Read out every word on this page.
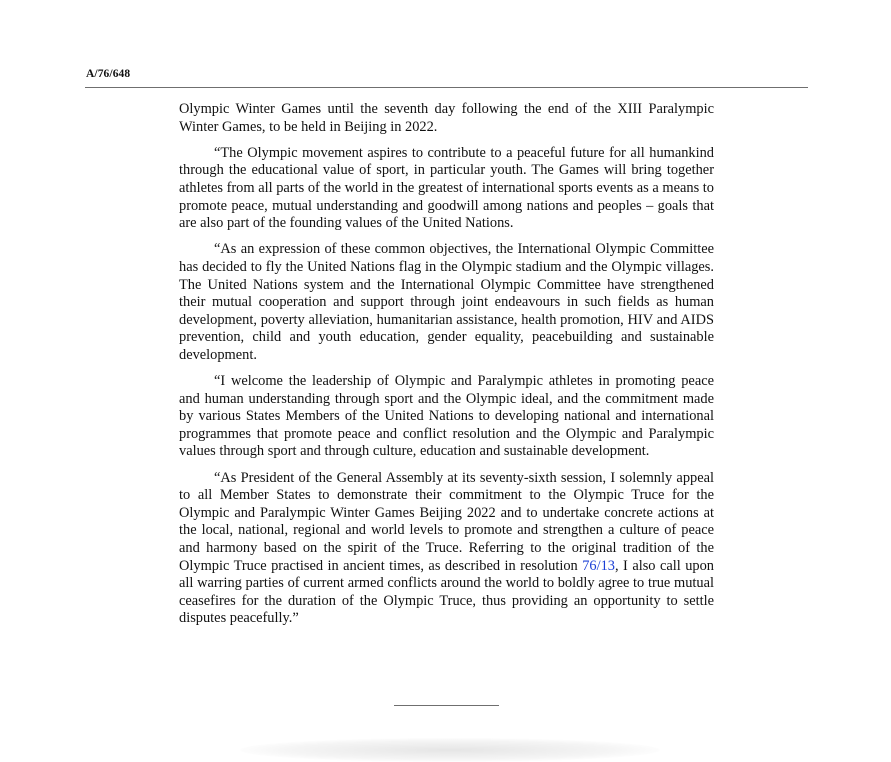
A/76/648

Olympic Winter Games until the seventh day following the end of the XIII Paralympic Winter Games, to be held in Beijing in 2022.

“The Olympic movement aspires to contribute to a peaceful future for all humankind through the educational value of sport, in particular youth. The Games will bring together athletes from all parts of the world in the greatest of international sports events as a means to promote peace, mutual understanding and goodwill among nations and peoples – goals that are also part of the founding values of the United Nations.

“As an expression of these common objectives, the International Olympic Committee has decided to fly the United Nations flag in the Olympic stadium and the Olympic villages. The United Nations system and the International Olympic Committee have strengthened their mutual cooperation and support through joint endeavours in such fields as human development, poverty alleviation, humanitarian assistance, health promotion, HIV and AIDS prevention, child and youth education, gender equality, peacebuilding and sustainable development.

“I welcome the leadership of Olympic and Paralympic athletes in promoting peace and human understanding through sport and the Olympic ideal, and the commitment made by various States Members of the United Nations to developing national and international programmes that promote peace and conflict resolution and the Olympic and Paralympic values through sport and through culture, education and sustainable development.

“As President of the General Assembly at its seventy-sixth session, I solemnly appeal to all Member States to demonstrate their commitment to the Olympic Truce for the Olympic and Paralympic Winter Games Beijing 2022 and to undertake concrete actions at the local, national, regional and world levels to promote and strengthen a culture of peace and harmony based on the spirit of the Truce. Referring to the original tradition of the Olympic Truce practised in ancient times, as described in resolution 76/13, I also call upon all warring parties of current armed conflicts around the world to boldly agree to true mutual ceasefires for the duration of the Olympic Truce, thus providing an opportunity to settle disputes peacefully.”
